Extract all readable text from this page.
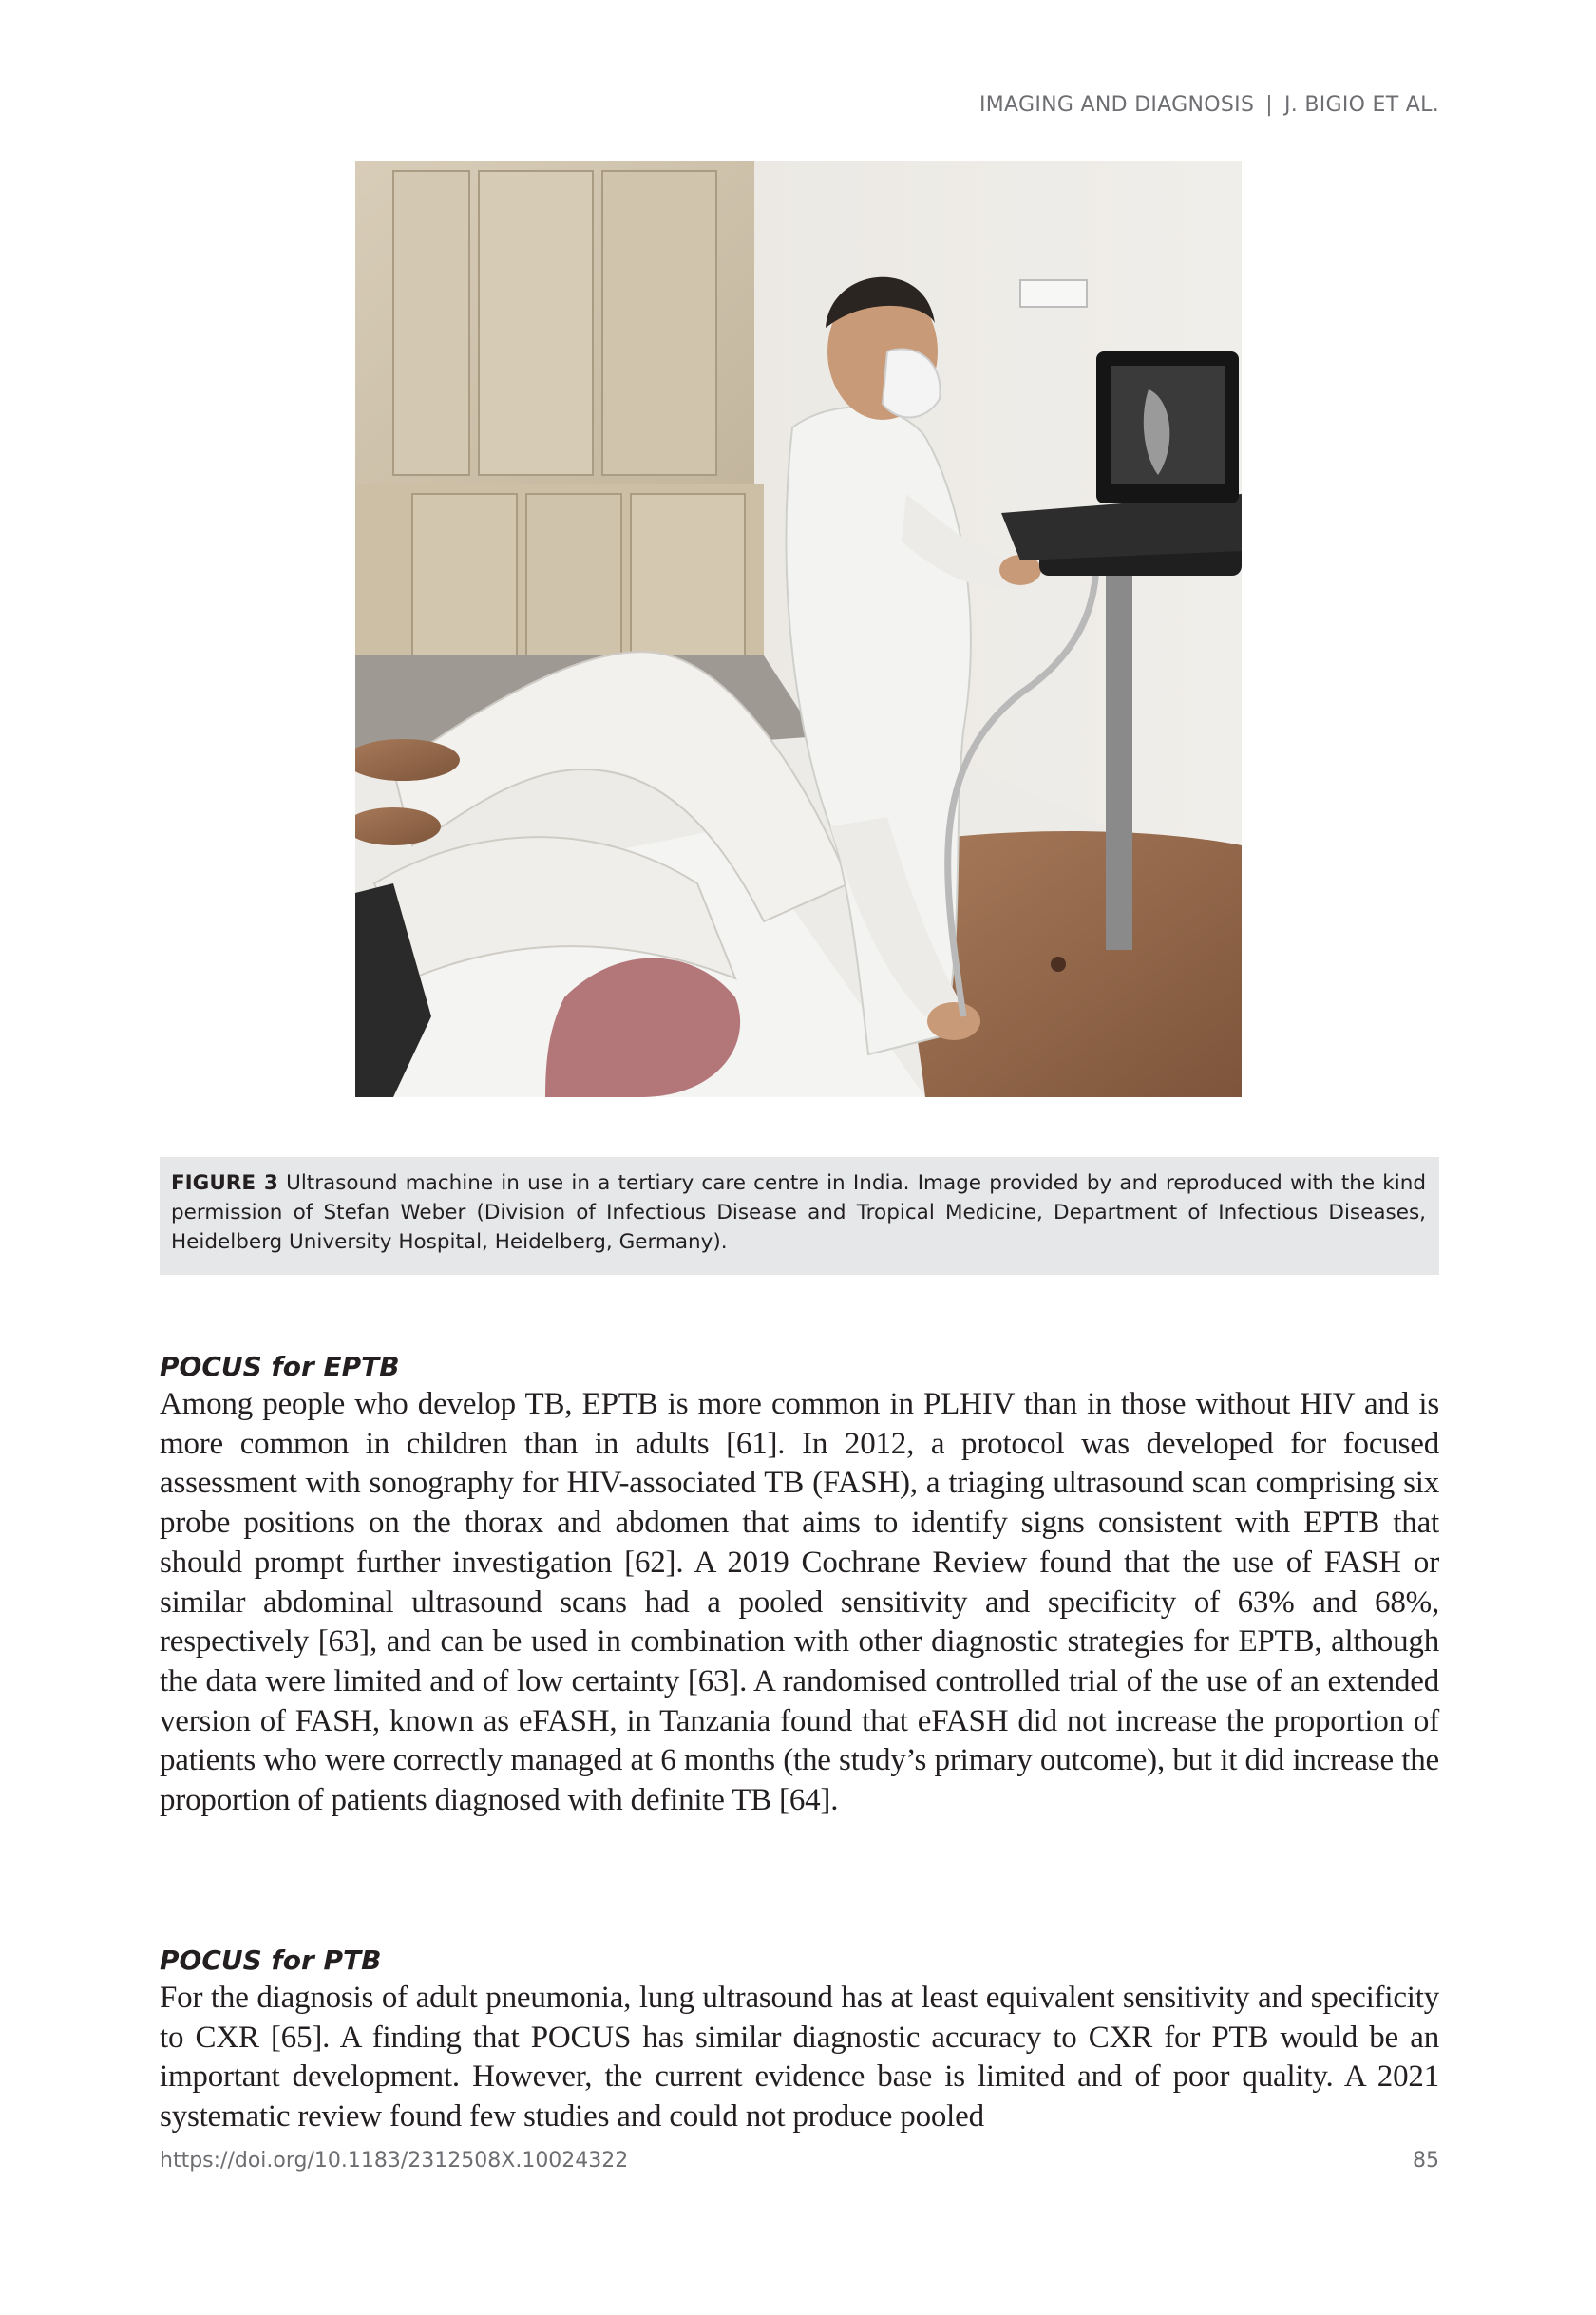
IMAGING AND DIAGNOSIS | J. BIGIO ET AL.
FIGURE 3 Ultrasound machine in use in a tertiary care centre in India. Image provided by and reproduced with the kind permission of Stefan Weber (Division of Infectious Disease and Tropical Medicine, Department of Infectious Diseases, Heidelberg University Hospital, Heidelberg, Germany).
POCUS for EPTB

Among people who develop TB, EPTB is more common in PLHIV than in those without HIV and is more common in children than in adults [61]. In 2012, a protocol was developed for focused assessment with sonography for HIV-associated TB (FASH), a triaging ultrasound scan comprising six probe positions on the thorax and abdomen that aims to identify signs consistent with EPTB that should prompt further investigation [62]. A 2019 Cochrane Review found that the use of FASH or similar abdominal ultrasound scans had a pooled sensitivity and specificity of 63% and 68%, respectively [63], and can be used in combination with other diagnostic strategies for EPTB, although the data were limited and of low certainty [63]. A randomised controlled trial of the use of an extended version of FASH, known as eFASH, in Tanzania found that eFASH did not increase the proportion of patients who were correctly managed at 6 months (the study’s primary outcome), but it did increase the proportion of patients diagnosed with definite TB [64].

POCUS for PTB

For the diagnosis of adult pneumonia, lung ultrasound has at least equivalent sensitivity and specificity to CXR [65]. A finding that POCUS has similar diagnostic accuracy to CXR for PTB would be an important development. However, the current evidence base is limited and of poor quality. A 2021 systematic review found few studies and could not produce pooled

https://doi.org/10.1183/2312508X.10024322	85
